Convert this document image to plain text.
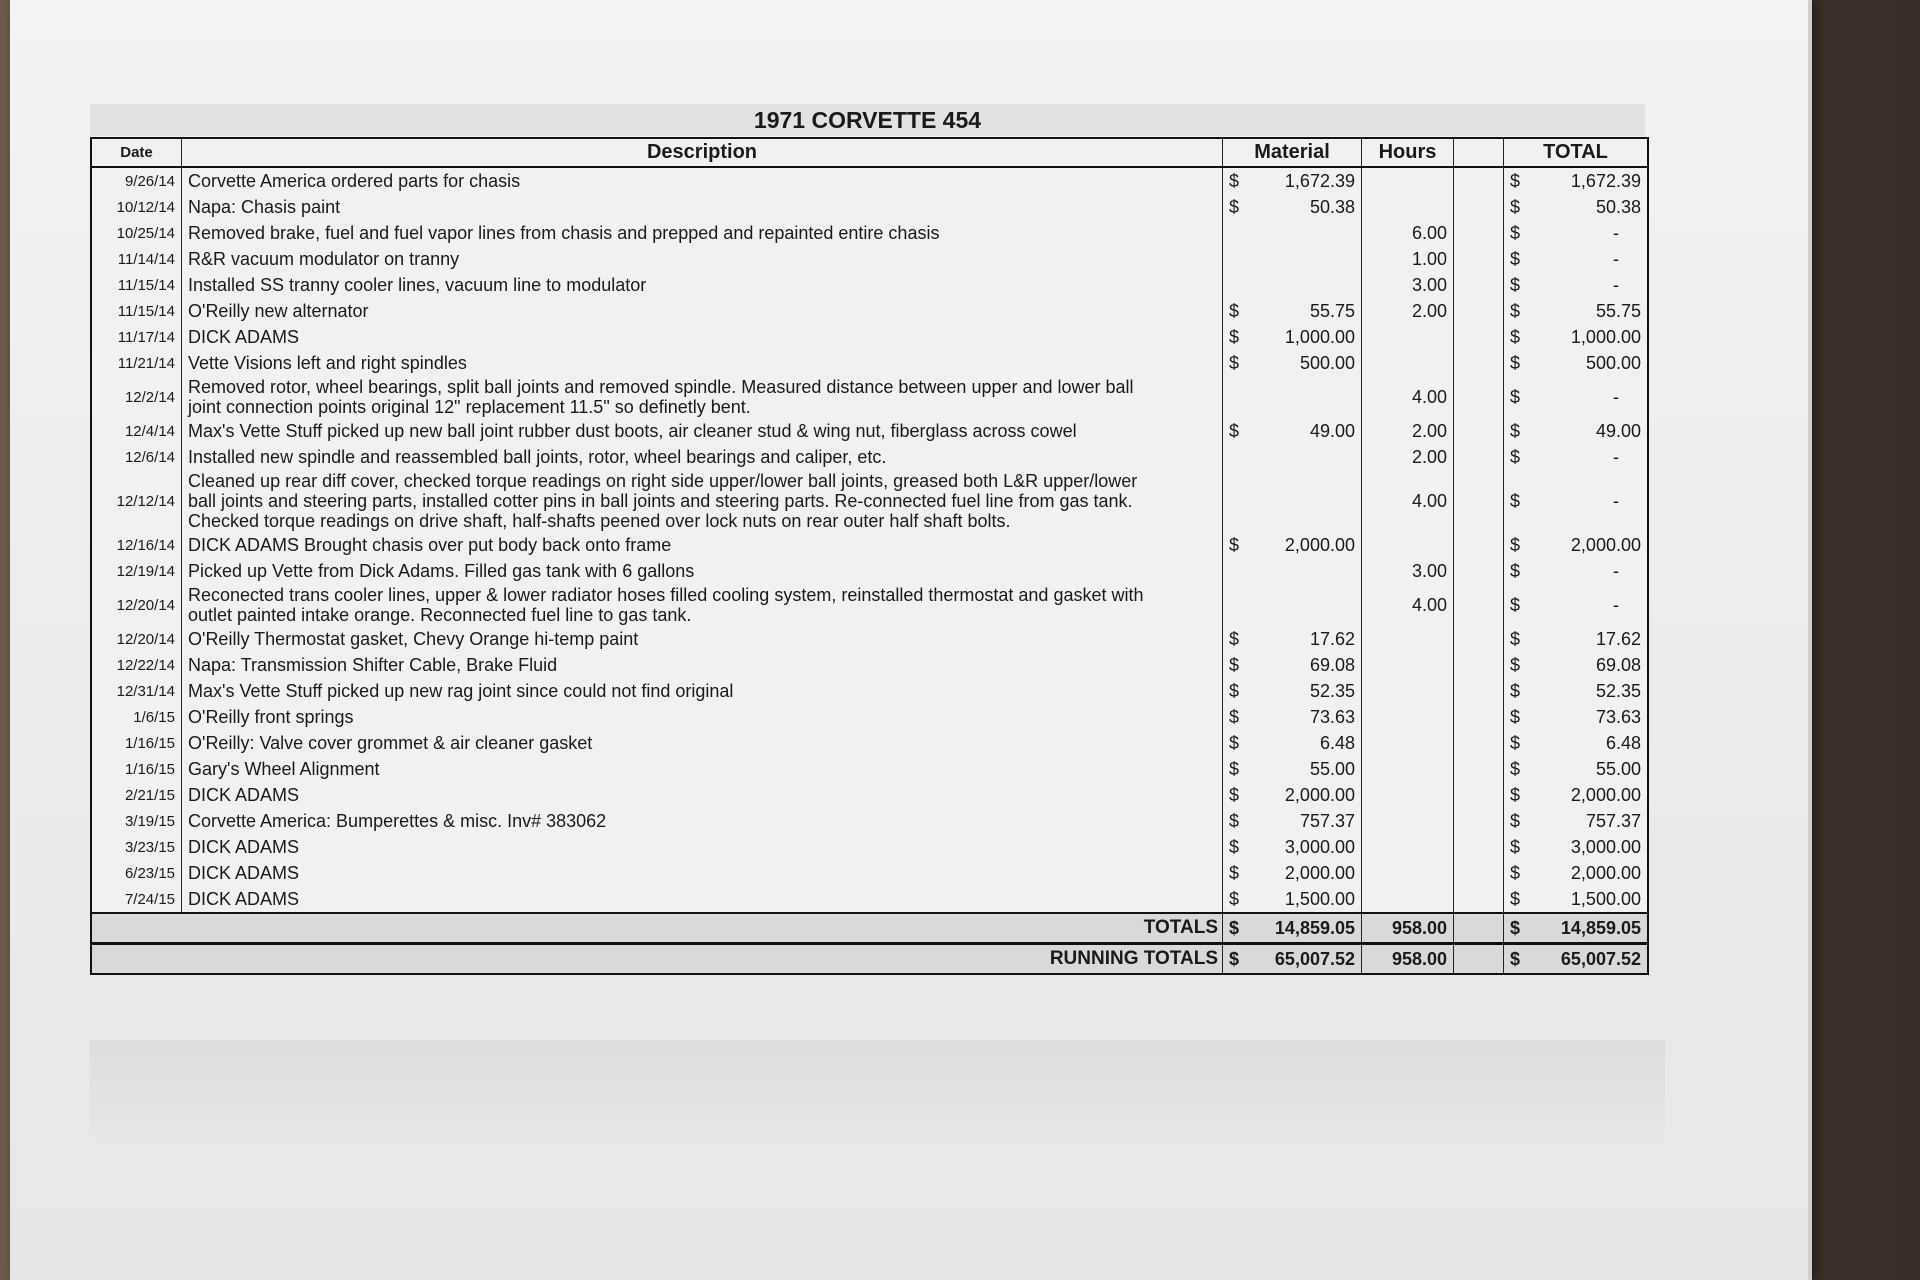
1971 CORVETTE 454
Date	Description	Material	Hours	TOTAL
9/26/14 Corvette America ordered parts for chasis	$	1,672.39	$	1,672.39
10/12/14 Napa: Chasis paint	$	50.38	$	50.38
10/25/14 Removed brake, fuel and fuel vapor lines from chasis and prepped and repainted entire chasis	6.00	$	-
11/14/14 R&R vacuum modulator on tranny	1.00	$	-
11/15/14 Installed SS tranny cooler lines, vacuum line to modulator	3.00	$	-
11/15/14 O'Reilly new alternator	$	55.75	2.00	$	55.75
11/17/14 DICK ADAMS	$	1,000.00	$	1,000.00
11/21/14 Vette Visions left and right spindles	$	500.00	$	500.00
12/2/14 Removed rotor, wheel bearings, split ball joints and removed spindle. Measured distance between upper and lower ball
joint connection points original 12" replacement 11.5" so definetly bent.
4.00	$	-
12/4/14 Max's Vette Stuff picked up new ball joint rubber dust boots, air cleaner stud & wing nut, fiberglass across cowel	$	49.00	2.00	$	49.00
12/6/14 Installed new spindle and reassembled ball joints, rotor, wheel bearings and caliper, etc.	2.00	$	-
12/12/14
Cleaned up rear diff cover, checked torque readings on right side upper/lower ball joints, greased both L&R upper/lower
ball joints and steering parts, installed cotter pins in ball joints and steering parts. Re-connected fuel line from gas tank.
Checked torque readings on drive shaft, half-shafts peened over lock nuts on rear outer half shaft bolts.
4.00	$	-
12/16/14 DICK ADAMS Brought chasis over put body back onto frame	$	2,000.00	$	2,000.00
12/19/14 Picked up Vette from Dick Adams. Filled gas tank with 6 gallons	3.00	$	-
12/20/14 Reconected trans cooler lines, upper & lower radiator hoses filled cooling system, reinstalled thermostat and gasket with
outlet painted intake orange. Reconnected fuel line to gas tank.
4.00	$	-
12/20/14 O'Reilly Thermostat gasket, Chevy Orange hi-temp paint	$	17.62	$	17.62
12/22/14 Napa: Transmission Shifter Cable, Brake Fluid	$	69.08	$	69.08
12/31/14 Max's Vette Stuff picked up new rag joint since could not find original	$	52.35	$	52.35
1/6/15 O'Reilly front springs	$	73.63	$	73.63
1/16/15 O'Reilly: Valve cover grommet & air cleaner gasket	$	6.48	$	6.48
1/16/15 Gary's Wheel Alignment	$	55.00	$	55.00
2/21/15 DICK ADAMS	$	2,000.00	$	2,000.00
3/19/15 Corvette America: Bumperettes & misc. Inv# 383062	$	757.37	$	757.37
3/23/15 DICK ADAMS	$	3,000.00	$	3,000.00
6/23/15 DICK ADAMS	$	2,000.00	$	2,000.00
7/24/15 DICK ADAMS	$	1,500.00	$	1,500.00
TOTALS $ 14,859.05	958.00	$ 14,859.05
RUNNING TOTALS $ 65,007.52	958.00	$ 65,007.52
